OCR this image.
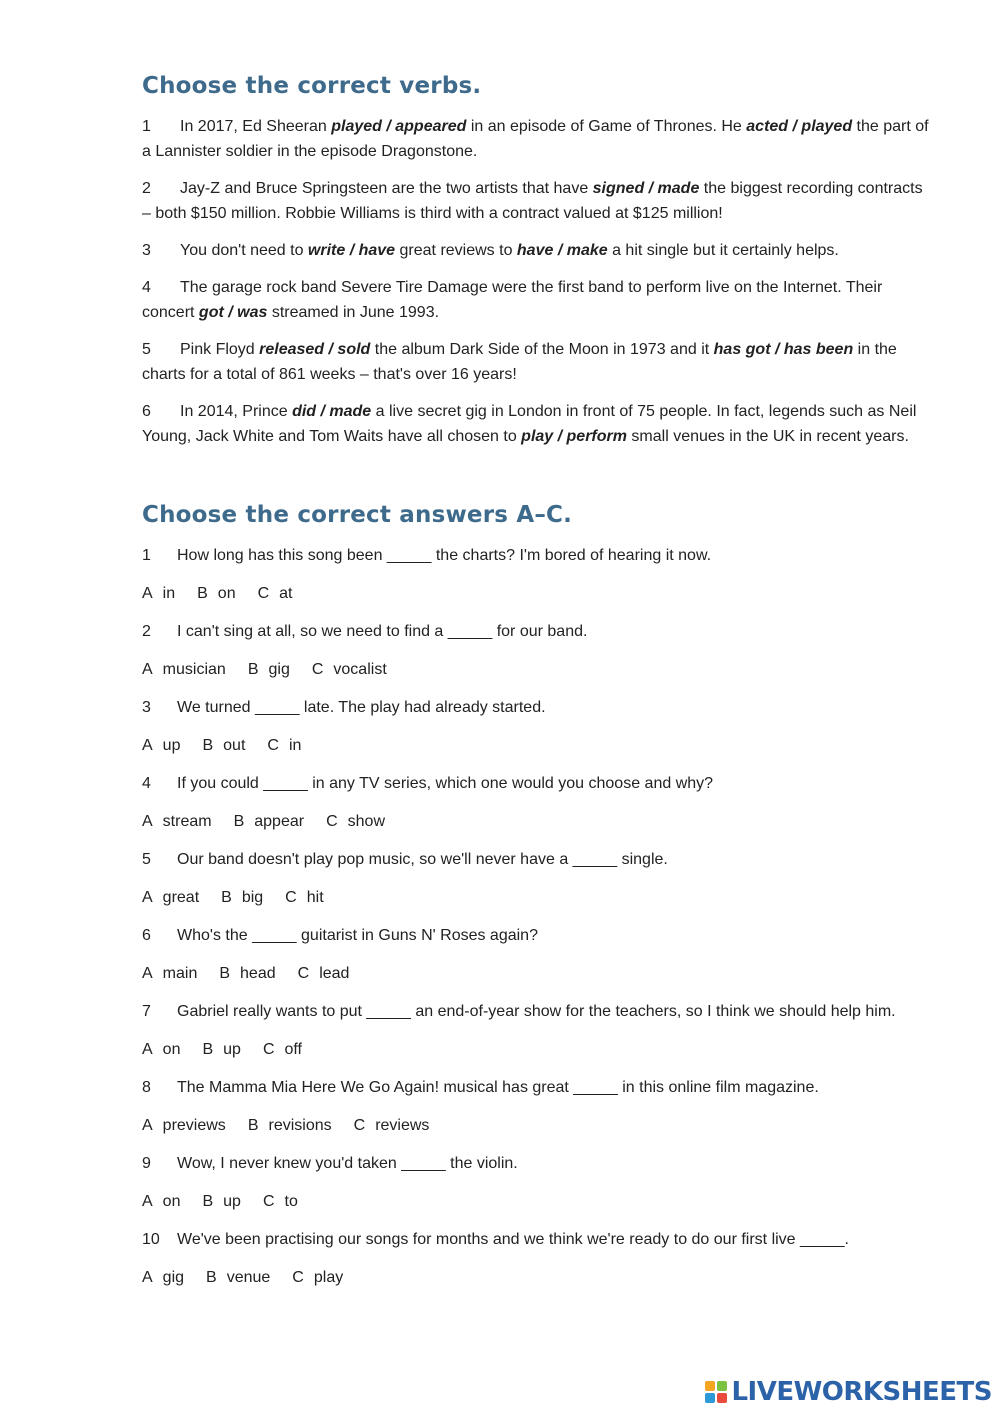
Choose the correct verbs.

1 In 2017, Ed Sheeran played / appeared in an episode of Game of Thrones. He acted / played the part of a Lannister soldier in the episode Dragonstone.

2 Jay-Z and Bruce Springsteen are the two artists that have signed / made the biggest recording contracts – both $150 million. Robbie Williams is third with a contract valued at $125 million!

3 You don't need to write / have great reviews to have / make a hit single but it certainly helps.

4 The garage rock band Severe Tire Damage were the first band to perform live on the Internet. Their concert got / was streamed in June 1993.

5 Pink Floyd released / sold the album Dark Side of the Moon in 1973 and it has got / has been in the charts for a total of 861 weeks – that's over 16 years!

6 In 2014, Prince did / made a live secret gig in London in front of 75 people. In fact, legends such as Neil Young, Jack White and Tom Waits have all chosen to play / perform small venues in the UK in recent years.

Choose the correct answers A–C.

1 How long has this song been _____ the charts? I'm bored of hearing it now.

A in B on C at

2 I can't sing at all, so we need to find a _____ for our band.

A musician B gig C vocalist

3 We turned _____ late. The play had already started.

A up B out C in

4 If you could _____ in any TV series, which one would you choose and why?

A stream B appear C show

5 Our band doesn't play pop music, so we'll never have a _____ single.

A great B big C hit

6 Who's the _____ guitarist in Guns N' Roses again?

A main B head C lead

7 Gabriel really wants to put _____ an end-of-year show for the teachers, so I think we should help him.

A on B up C off

8 The Mamma Mia Here We Go Again! musical has great _____ in this online film magazine.

A previews B revisions C reviews

9 Wow, I never knew you'd taken _____ the violin.

A on B up C to

10 We've been practising our songs for months and we think we're ready to do our first live _____.

A gig B venue C play

LIVEWORKSHEETS
